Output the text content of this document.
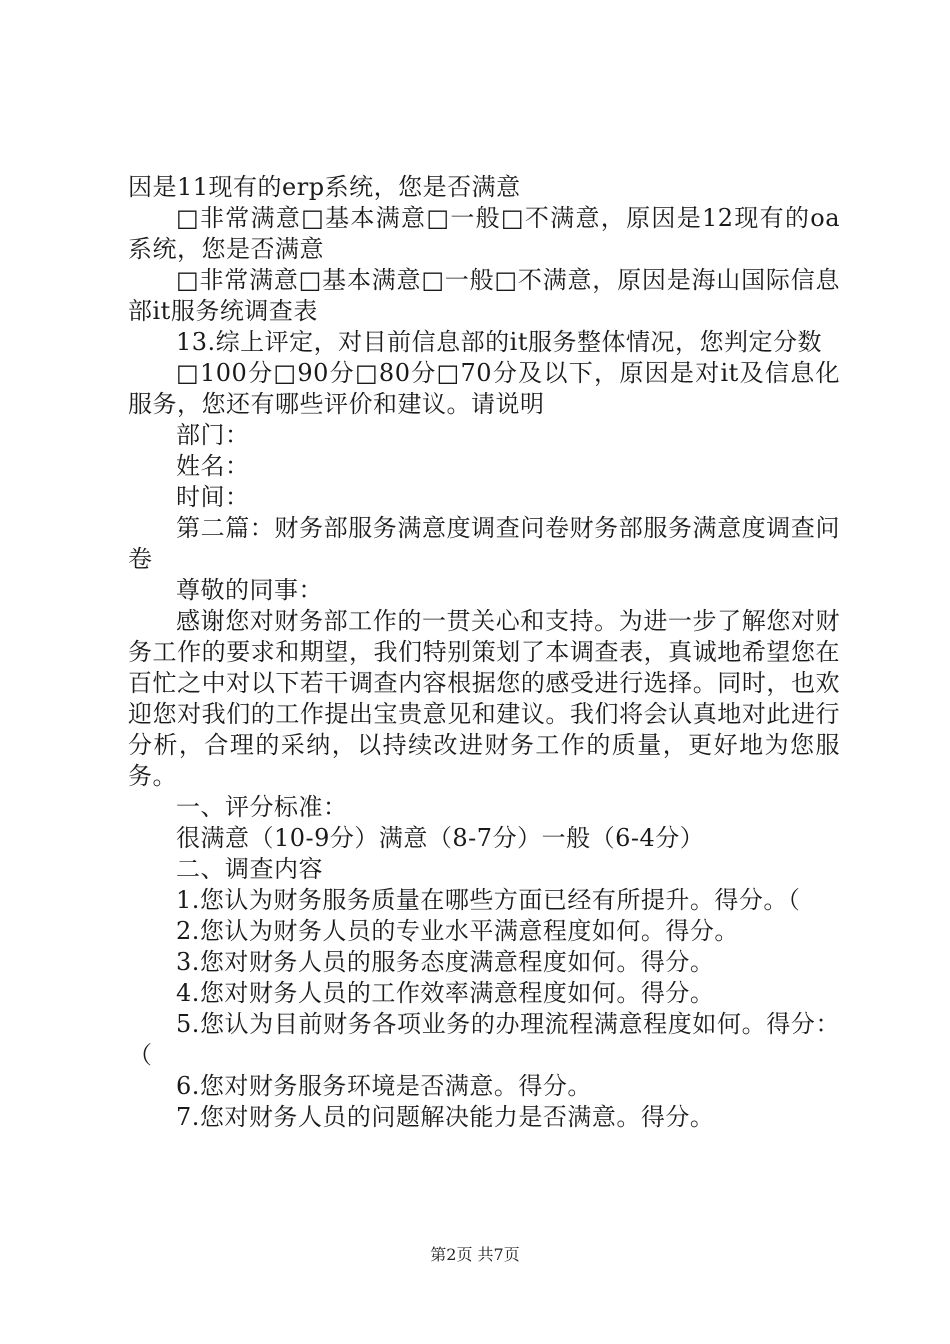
因是11现有的erp系统，您是否满意

□非常满意□基本满意□一般□不满意，原因是12现有的oa系统，您是否满意

□非常满意□基本满意□一般□不满意，原因是海山国际信息部it服务统调查表

13.综上评定，对目前信息部的it服务整体情况，您判定分数

□100分□90分□80分□70分及以下，原因是对it及信息化服务，您还有哪些评价和建议。请说明

部门：

姓名：

时间：

第二篇：财务部服务满意度调查问卷财务部服务满意度调查问卷

尊敬的同事：

感谢您对财务部工作的一贯关心和支持。为进一步了解您对财务工作的要求和期望，我们特别策划了本调查表，真诚地希望您在百忙之中对以下若干调查内容根据您的感受进行选择。同时，也欢迎您对我们的工作提出宝贵意见和建议。我们将会认真地对此进行分析，合理的采纳，以持续改进财务工作的质量，更好地为您服务。

一、评分标准：

很满意（10-9分）满意（8-7分）一般（6-4分）

二、调查内容

1.您认为财务服务质量在哪些方面已经有所提升。得分。（

2.您认为财务人员的专业水平满意程度如何。得分。

3.您对财务人员的服务态度满意程度如何。得分。

4.您对财务人员的工作效率满意程度如何。得分。

5.您认为目前财务各项业务的办理流程满意程度如何。得分：（

6.您对财务服务环境是否满意。得分。

7.您对财务人员的问题解决能力是否满意。得分。

第2页 共7页
